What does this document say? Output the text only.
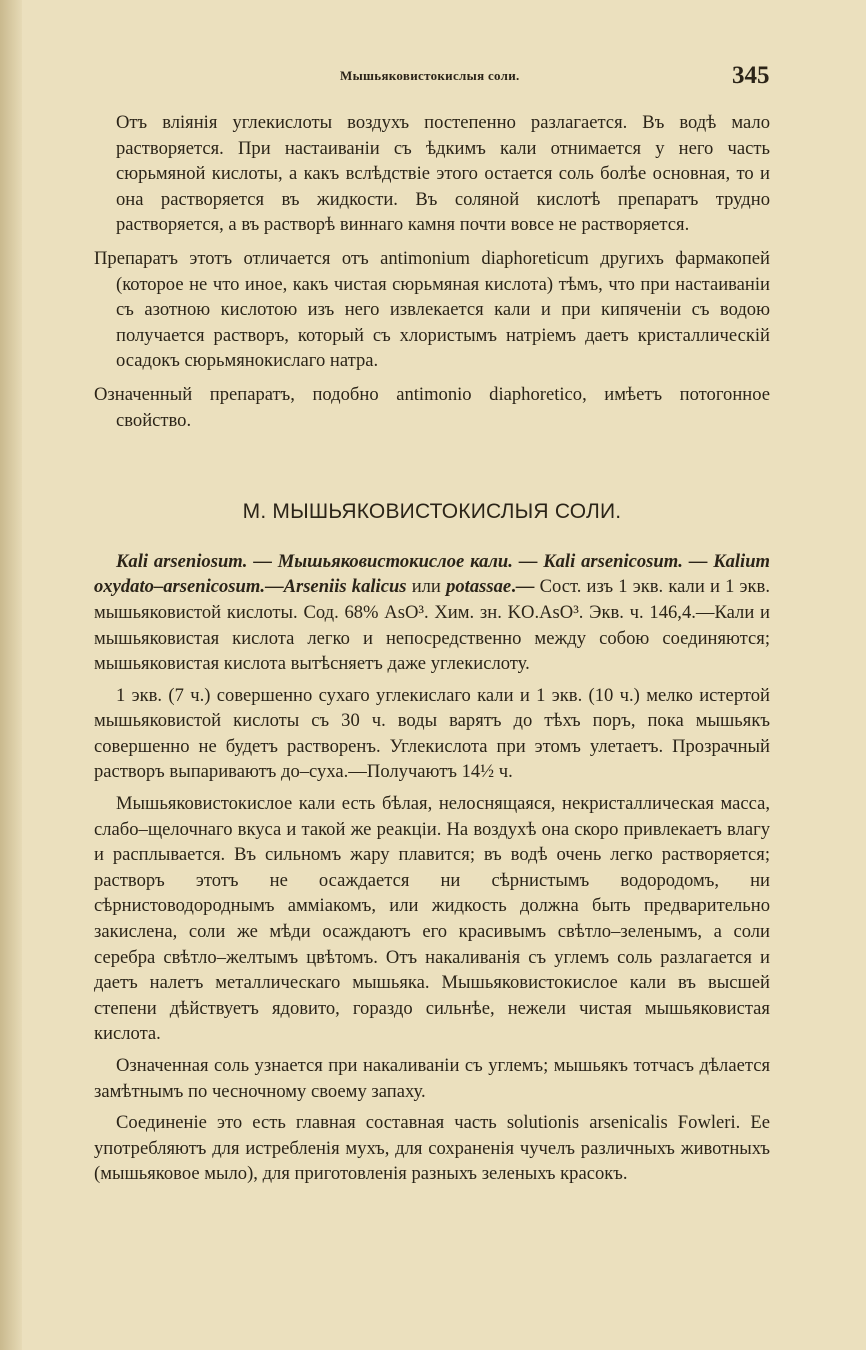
Мышьяковистокислыя соли.	345

Отъ вліянія углекислоты воздухъ постепенно разлагается. Въ водѣ мало растворяется. При настаиваніи съ ѣдкимъ кали отнимается у него часть сюрьмяной кислоты, а какъ вслѣдствіе этого остается соль болѣе основная, то и она растворяется въ жидкости. Въ соляной кислотѣ препаратъ трудно растворяется, а въ растворѣ виннаго камня почти вовсе не растворяется.

Препаратъ этотъ отличается отъ antimonium diaphoreticum другихъ фармакопей (которое не что иное, какъ чистая сюрьмяная кислота) тѣмъ, что при настаиваніи съ азотною кислотою изъ него извлекается кали и при кипяченіи съ водою получается растворъ, который съ хлористымъ натріемъ даетъ кристаллическій осадокъ сюрьмянокислаго натра.

Означенный препаратъ, подобно antimonio diaphoretico, имѣетъ потогонное свойство.

M. МЫШЬЯКОВИСТОКИСЛЫЯ СОЛИ.

Kali arseniosum. — Мышьяковистокислое кали. — Kali arsenicosum. — Kalium oxydato–arsenicosum.—Arseniis kalicus или potassae.— Сост. изъ 1 экв. кали и 1 экв. мышьяковистой кислоты. Сод. 68% AsO³. Хим. зн. KO.AsO³. Экв. ч. 146,4.—Кали и мышьяковистая кислота легко и непосредственно между собою соединяются; мышьяковистая кислота вытѣсняетъ даже углекислоту.

1 экв. (7 ч.) совершенно сухаго углекислаго кали и 1 экв. (10 ч.) мелко истертой мышьяковистой кислоты съ 30 ч. воды варятъ до тѣхъ поръ, пока мышьякъ совершенно не будетъ растворенъ. Углекислота при этомъ улетаетъ. Прозрачный растворъ выпариваютъ до–суха.—Получаютъ 14½ ч.

Мышьяковистокислое кали есть бѣлая, нелоснящаяся, некристаллическая масса, слабо–щелочнаго вкуса и такой же реакціи. На воздухѣ она скоро привлекаетъ влагу и расплывается. Въ сильномъ жару плавится; въ водѣ очень легко растворяется; растворъ этотъ не осаждается ни сѣрнистымъ водородомъ, ни сѣрнистоводороднымъ амміакомъ, или жидкость должна быть предварительно закислена, соли же мѣди осаждаютъ его красивымъ свѣтло–зеленымъ, а соли серебра свѣтло–желтымъ цвѣтомъ. Отъ накаливанія съ углемъ соль разлагается и даетъ налетъ металлическаго мышьяка. Мышьяковистокислое кали въ высшей степени дѣйствуетъ ядовито, гораздо сильнѣе, нежели чистая мышьяковистая кислота.

Означенная соль узнается при накаливаніи съ углемъ; мышьякъ тотчасъ дѣлается замѣтнымъ по чесночному своему запаху.

Соединеніе это есть главная составная часть solutionis arsenicalis Fowleri. Ее употребляютъ для истребленія мухъ, для сохраненія чучелъ различныхъ животныхъ (мышьяковое мыло), для приготовленія разныхъ зеленыхъ красокъ.
